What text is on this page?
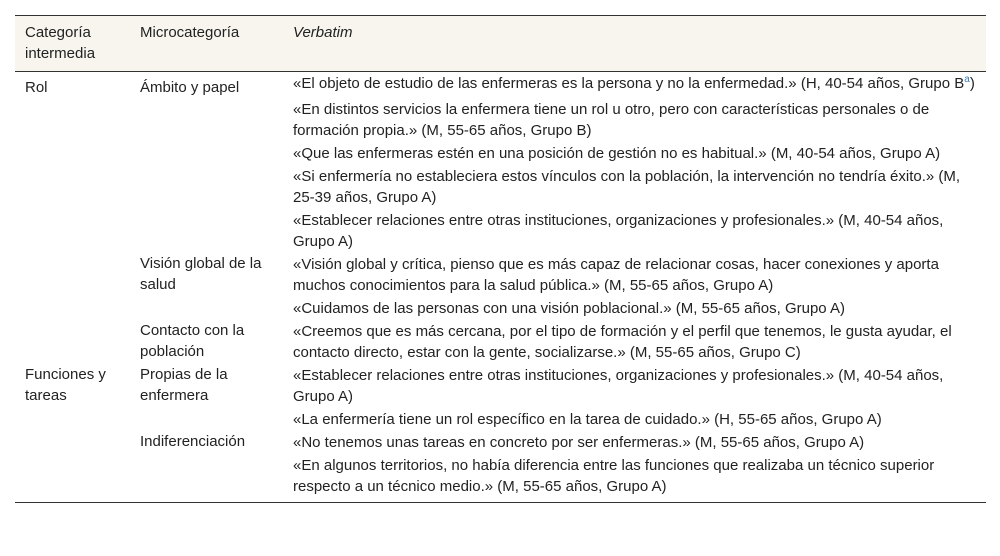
Categoría intermedia	Microcategoría	Verbatim
Rol	Ámbito y papel	«El objeto de estudio de las enfermeras es la persona y no la enfermedad.» (H, 40-54 años, Grupo B$^a$)
		«En distintos servicios la enfermera tiene un rol u otro, pero con características personales o de formación propia.» (M, 55-65 años, Grupo B)
		«Que las enfermeras estén en una posición de gestión no es habitual.» (M, 40-54 años, Grupo A)
		«Si enfermería no estableciera estos vínculos con la población, la intervención no tendría éxito.» (M, 25-39 años, Grupo A)
		«Establecer relaciones entre otras instituciones, organizaciones y profesionales.» (M, 40-54 años, Grupo A)
	Visión global de la salud	«Visión global y crítica, pienso que es más capaz de relacionar cosas, hacer conexiones y aporta muchos conocimientos para la salud pública.» (M, 55-65 años, Grupo A)
		«Cuidamos de las personas con una visión poblacional.» (M, 55-65 años, Grupo A)
	Contacto con la población	«Creemos que es más cercana, por el tipo de formación y el perfil que tenemos, le gusta ayudar, el contacto directo, estar con la gente, socializarse.» (M, 55-65 años, Grupo C)
Funciones y tareas	Propias de la enfermera	«Establecer relaciones entre otras instituciones, organizaciones y profesionales.» (M, 40-54 años, Grupo A)
		«La enfermería tiene un rol específico en la tarea de cuidado.» (H, 55-65 años, Grupo A)
	Indiferenciación	«No tenemos unas tareas en concreto por ser enfermeras.» (M, 55-65 años, Grupo A)
		«En algunos territorios, no había diferencia entre las funciones que realizaba un técnico superior respecto a un técnico medio.» (M, 55-65 años, Grupo A)
